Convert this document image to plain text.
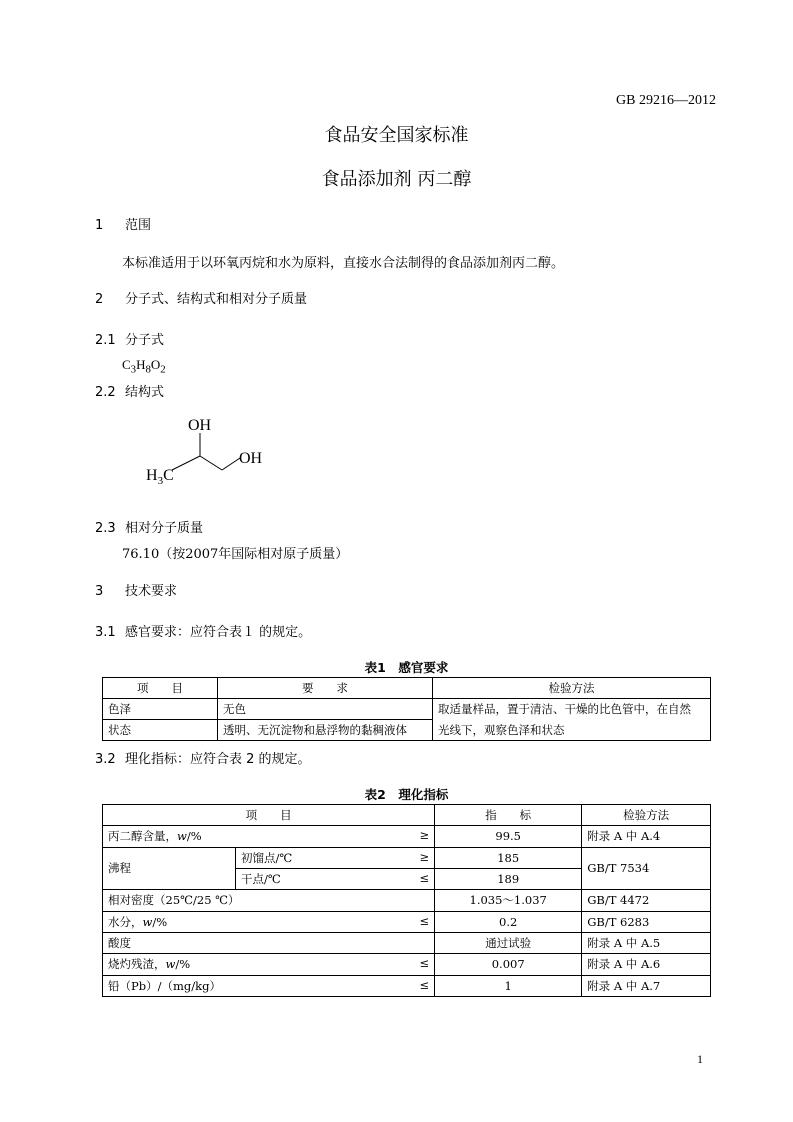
GB 29216—2012
食品安全国家标准
食品添加剂 丙二醇
1 范围
本标准适用于以环氧丙烷和水为原料，直接水合法制得的食品添加剂丙二醇。
2 分子式、结构式和相对分子质量
2.1 分子式
$C_3H_8O_2$
2.2 结构式
OH
OH
$H_3C$
2.3 相对分子质量
76.10（按2007年国际相对原子质量）
3 技术要求
3.1 感官要求：应符合表１ 的规定。
表1　感官要求
项　　目	要　　求	检验方法
色泽	无色	取适量样品，置于清洁、干燥的比色管中，在自然
状态	透明、无沉淀物和悬浮物的黏稠液体	光线下，观察色泽和状态
3.2 理化指标：应符合表 2 的规定。
表2　理化指标
项　　目		指　　标	检验方法
丙二醇含量，w/% ≥		99.5	附录 A 中 A.4
沸程	初馏点/℃ ≥	185	GB/T 7534
	干点/℃ ≤	189	
相对密度（25℃/25 ℃）		1.035～1.037	GB/T 4472
水分，w/% ≤		0.2	GB/T 6283
酸度		通过试验	附录 A 中 A.5
烧灼残渣，w/% ≤		0.007	附录 A 中 A.6
铅（Pb）/（mg/kg） ≤		1	附录 A 中 A.7
1
